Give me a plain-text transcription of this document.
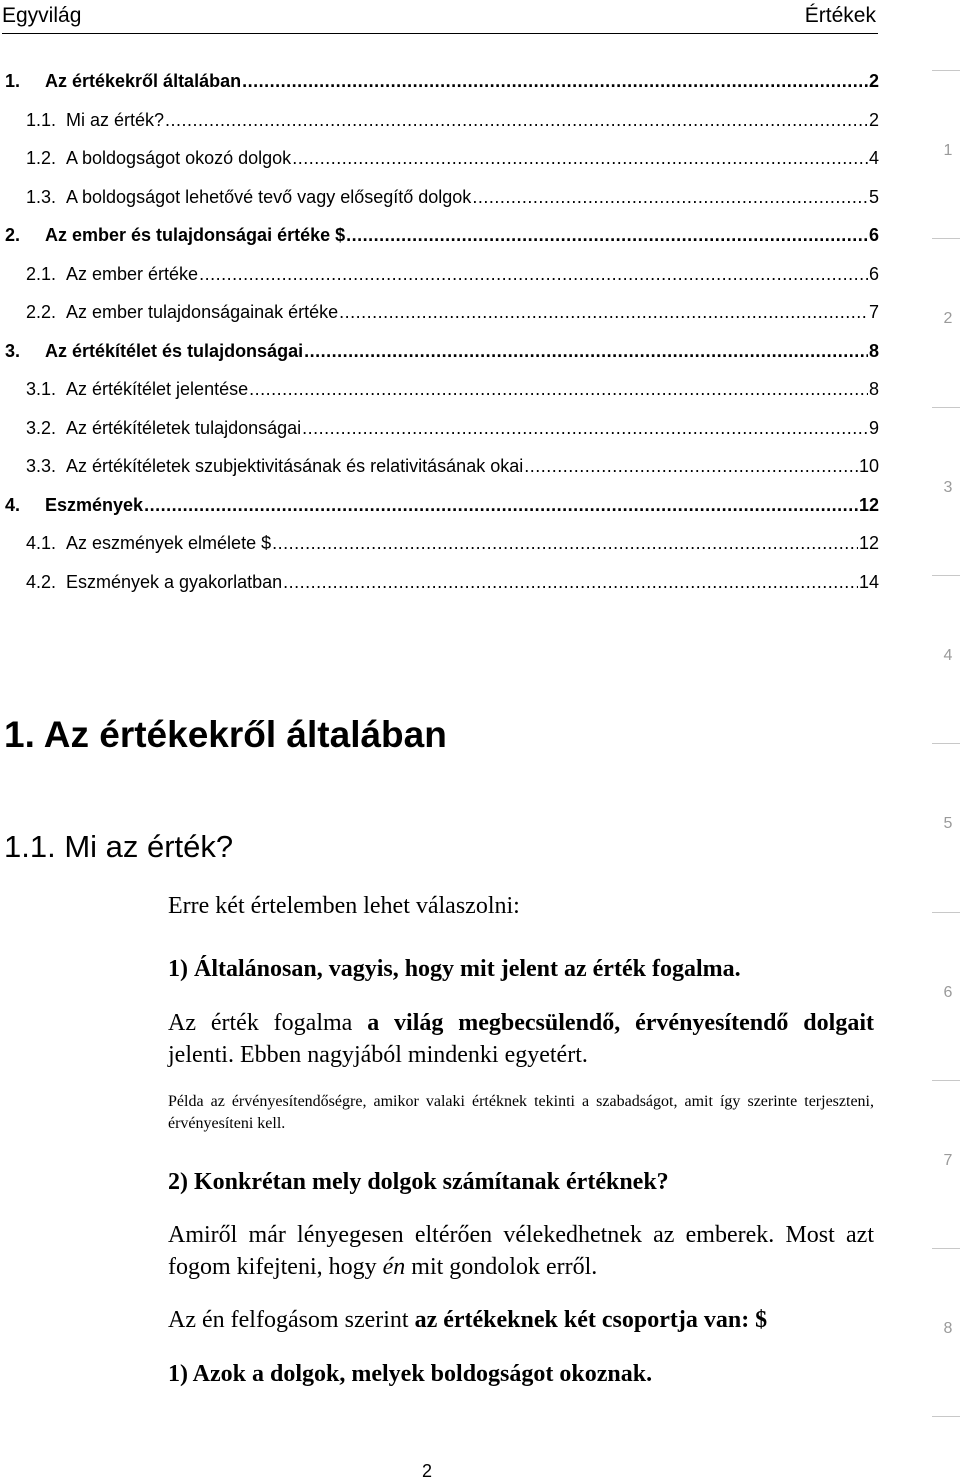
Egyvilág	Értékek
1.	Az értékekről általában .....	2
1.1. Mi az érték? .....	2
1.2. A boldogságot okozó dolgok .....	4
1.3. A boldogságot lehetővé tevő vagy elősegítő dolgok .....	5
2.	Az ember és tulajdonságai értéke $ .....	6
2.1. Az ember értéke .....	6
2.2. Az ember tulajdonságainak értéke .....	7
3.	Az értékítélet és tulajdonságai .....	8
3.1. Az értékítélet jelentése .....	8
3.2. Az értékítéletek tulajdonságai .....	9
3.3. Az értékítéletek szubjektivitásának és relativitásának okai .....	10
4.	Eszmények .....	12
4.1. Az eszmények elmélete $ .....	12
4.2. Eszmények a gyakorlatban .....	14
1
2
3
4
5
6
7
8
1. Az értékekről általában
1.1. Mi az érték?

Erre két értelemben lehet válaszolni:

1) Általánosan, vagyis, hogy mit jelent az érték fogalma.

Az érték fogalma a világ megbecsülendő, érvényesítendő dolgait jelenti. Ebben nagyjából mindenki egyetért.

Példa az érvényesítendőségre, amikor valaki értéknek tekinti a szabadságot, amit így szerinte terjeszteni, érvényesíteni kell.

2) Konkrétan mely dolgok számítanak értéknek?

Amiről már lényegesen eltérően vélekedhetnek az emberek. Most azt fogom kifejteni, hogy én mit gondolok erről.

Az én felfogásom szerint az értékeknek két csoportja van: $

1) Azok a dolgok, melyek boldogságot okoznak.

2
